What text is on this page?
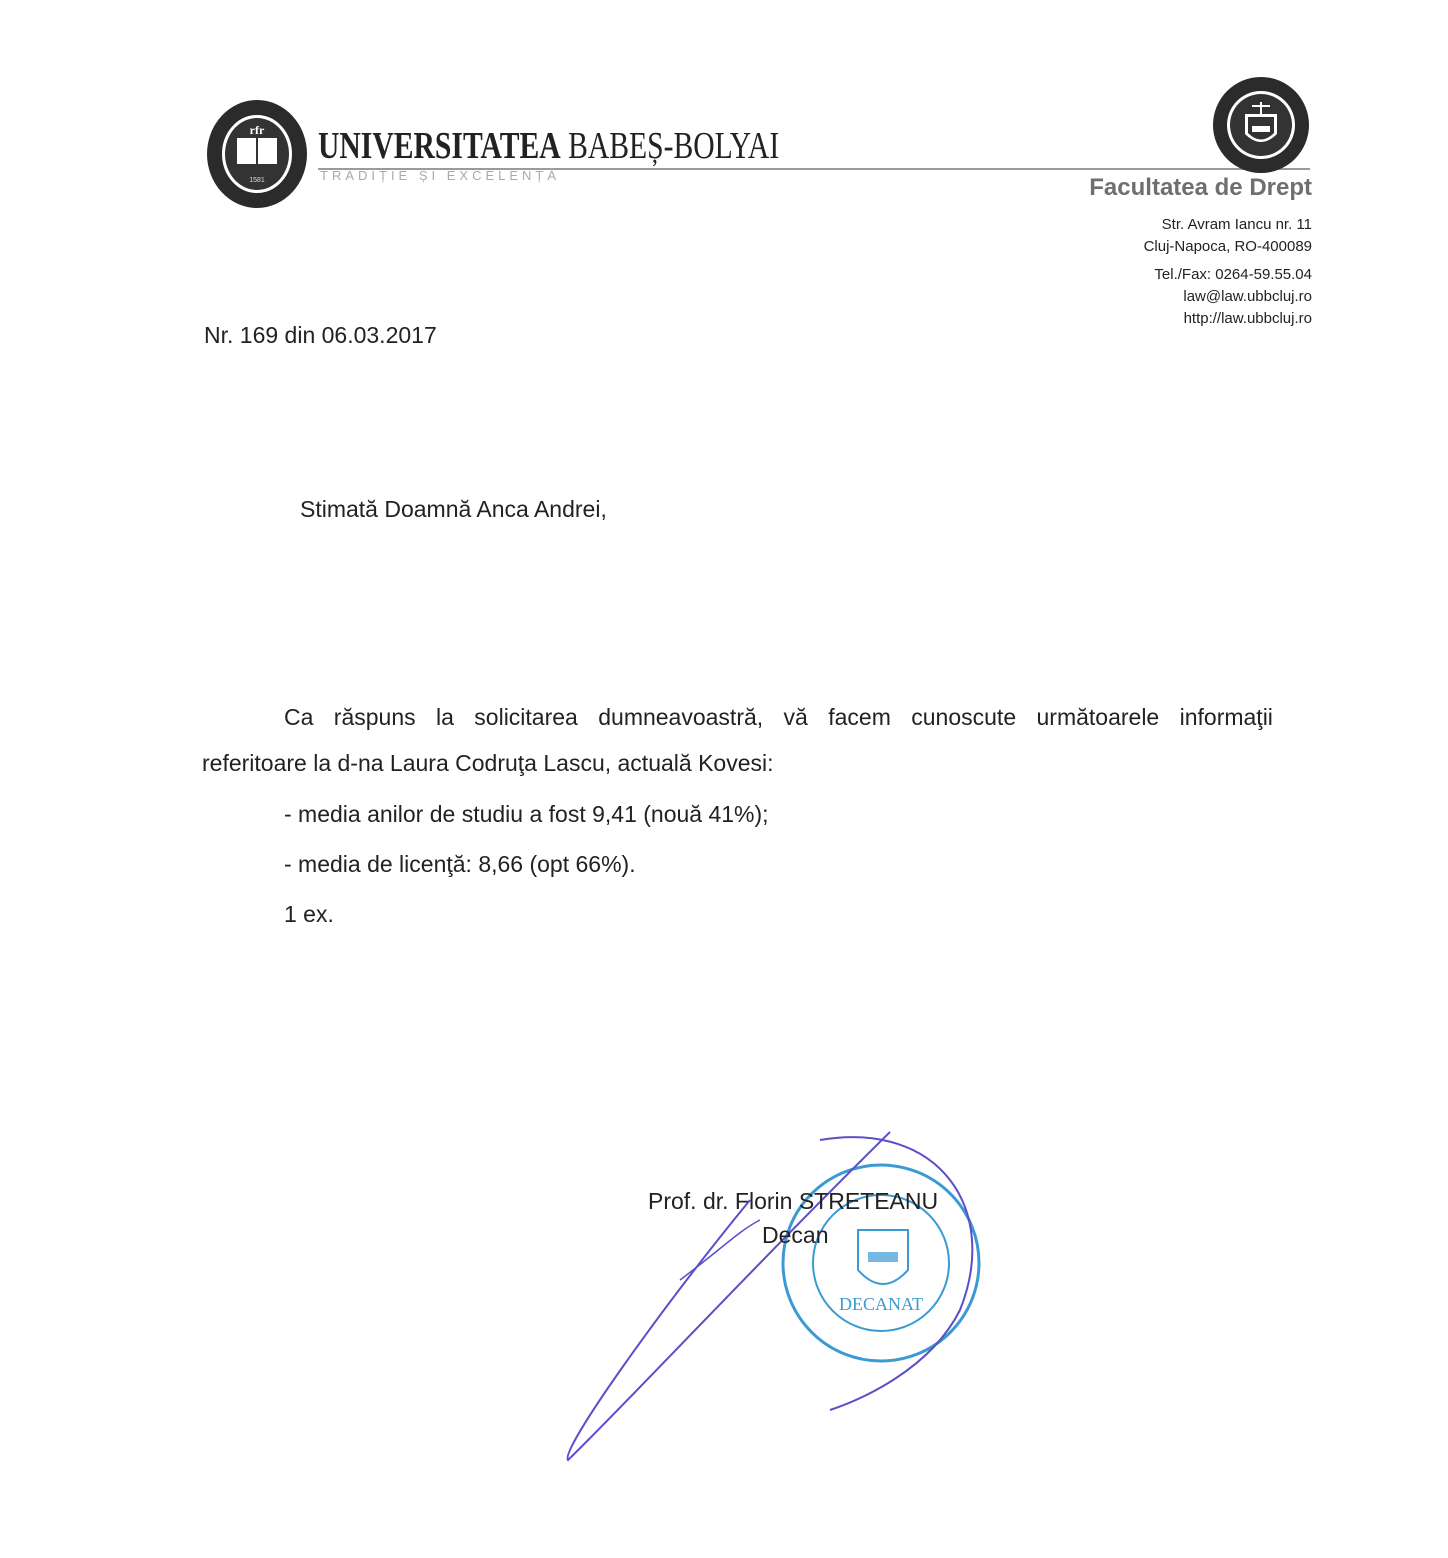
rfr
1581
UNIVERSITATEA BABEȘ-BOLYAI
TRADIȚIE ȘI EXCELENȚĂ	Facultatea de Drept
Str. Avram Iancu nr. 11
Cluj-Napoca, RO-400089
Tel./Fax: 0264-59.55.04
law@law.ubbcluj.ro
http://law.ubbcluj.ro
Nr. 169 din 06.03.2017
Stimată Doamnă Anca Andrei,
Ca răspuns la solicitarea dumneavoastră, vă facem cunoscute următoarele informaţii
referitoare la d-na Laura Codruţa Lascu, actuală Kovesi:
- media anilor de studiu a fost 9,41 (nouă 41%);
- media de licenţă: 8,66 (opt 66%).
1 ex.
DECANAT
Prof. dr. Florin STRETEANU
Decan
